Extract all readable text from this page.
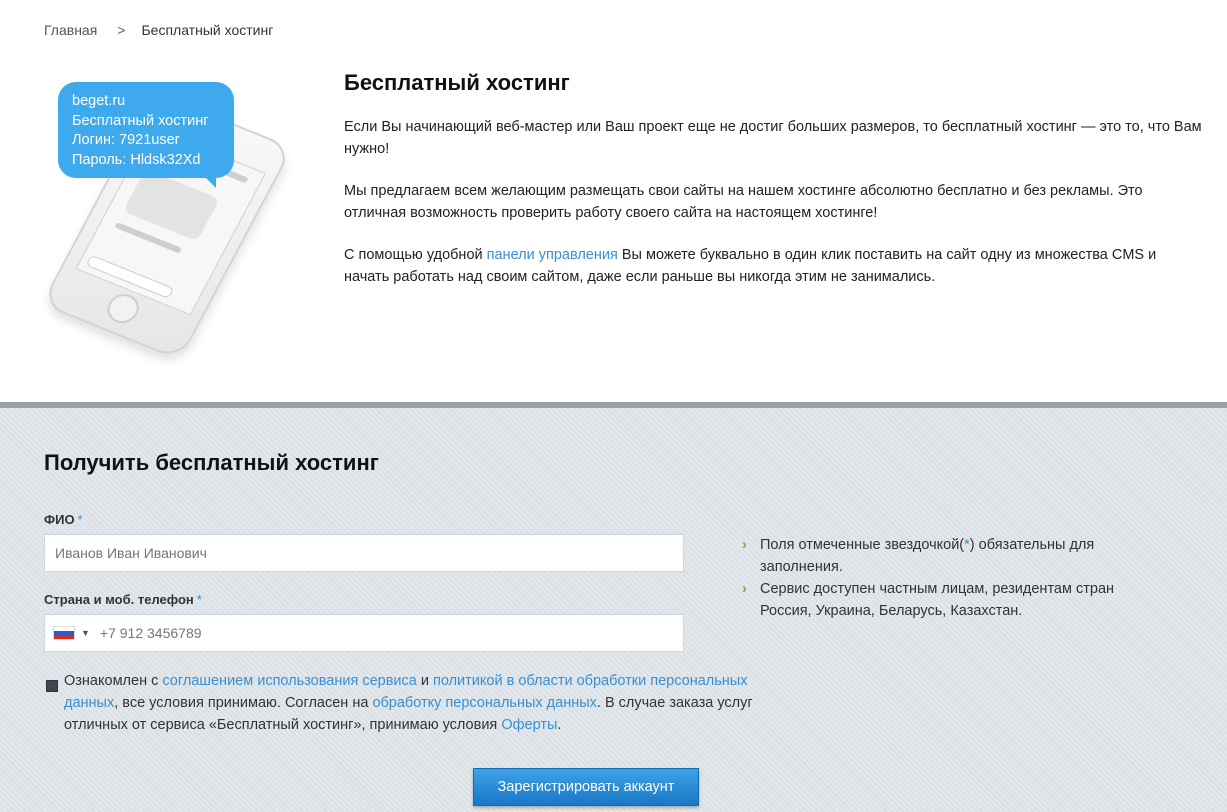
Главная > Бесплатный хостинг
beget.ru
Бесплатный хостинг
Логин: 7921user
Пароль: Hldsk32Xd
Бесплатный хостинг

Если Вы начинающий веб-мастер или Ваш проект еще не достиг больших размеров, то бесплатный хостинг — это то, что Вам нужно!

Мы предлагаем всем желающим размещать свои сайты на нашем хостинге абсолютно бесплатно и без рекламы. Это отличная возможность проверить работу своего сайта на настоящем хостинге!

С помощью удобной панели управления Вы можете буквально в один клик поставить на сайт одну из множества CMS и начать работать над своим сайтом, даже если раньше вы никогда этим не занимались.

Получить бесплатный хостинг
ФИО *
Иванов Иван Иванович
Страна и моб. телефон *
▼
+7 912 3456789
Ознакомлен с соглашением использования сервиса и политикой в области обработки персональных данных, все условия принимаю. Согласен на обработку персональных данных. В случае заказа услуг отличных от сервиса «Бесплатный хостинг», принимаю условия Оферты.
Зарегистрировать аккаунт
› Поля отмеченные звездочкой(*) обязательны для заполнения.
› Сервис доступен частным лицам, резидентам стран Россия, Украина, Беларусь, Казахстан.
